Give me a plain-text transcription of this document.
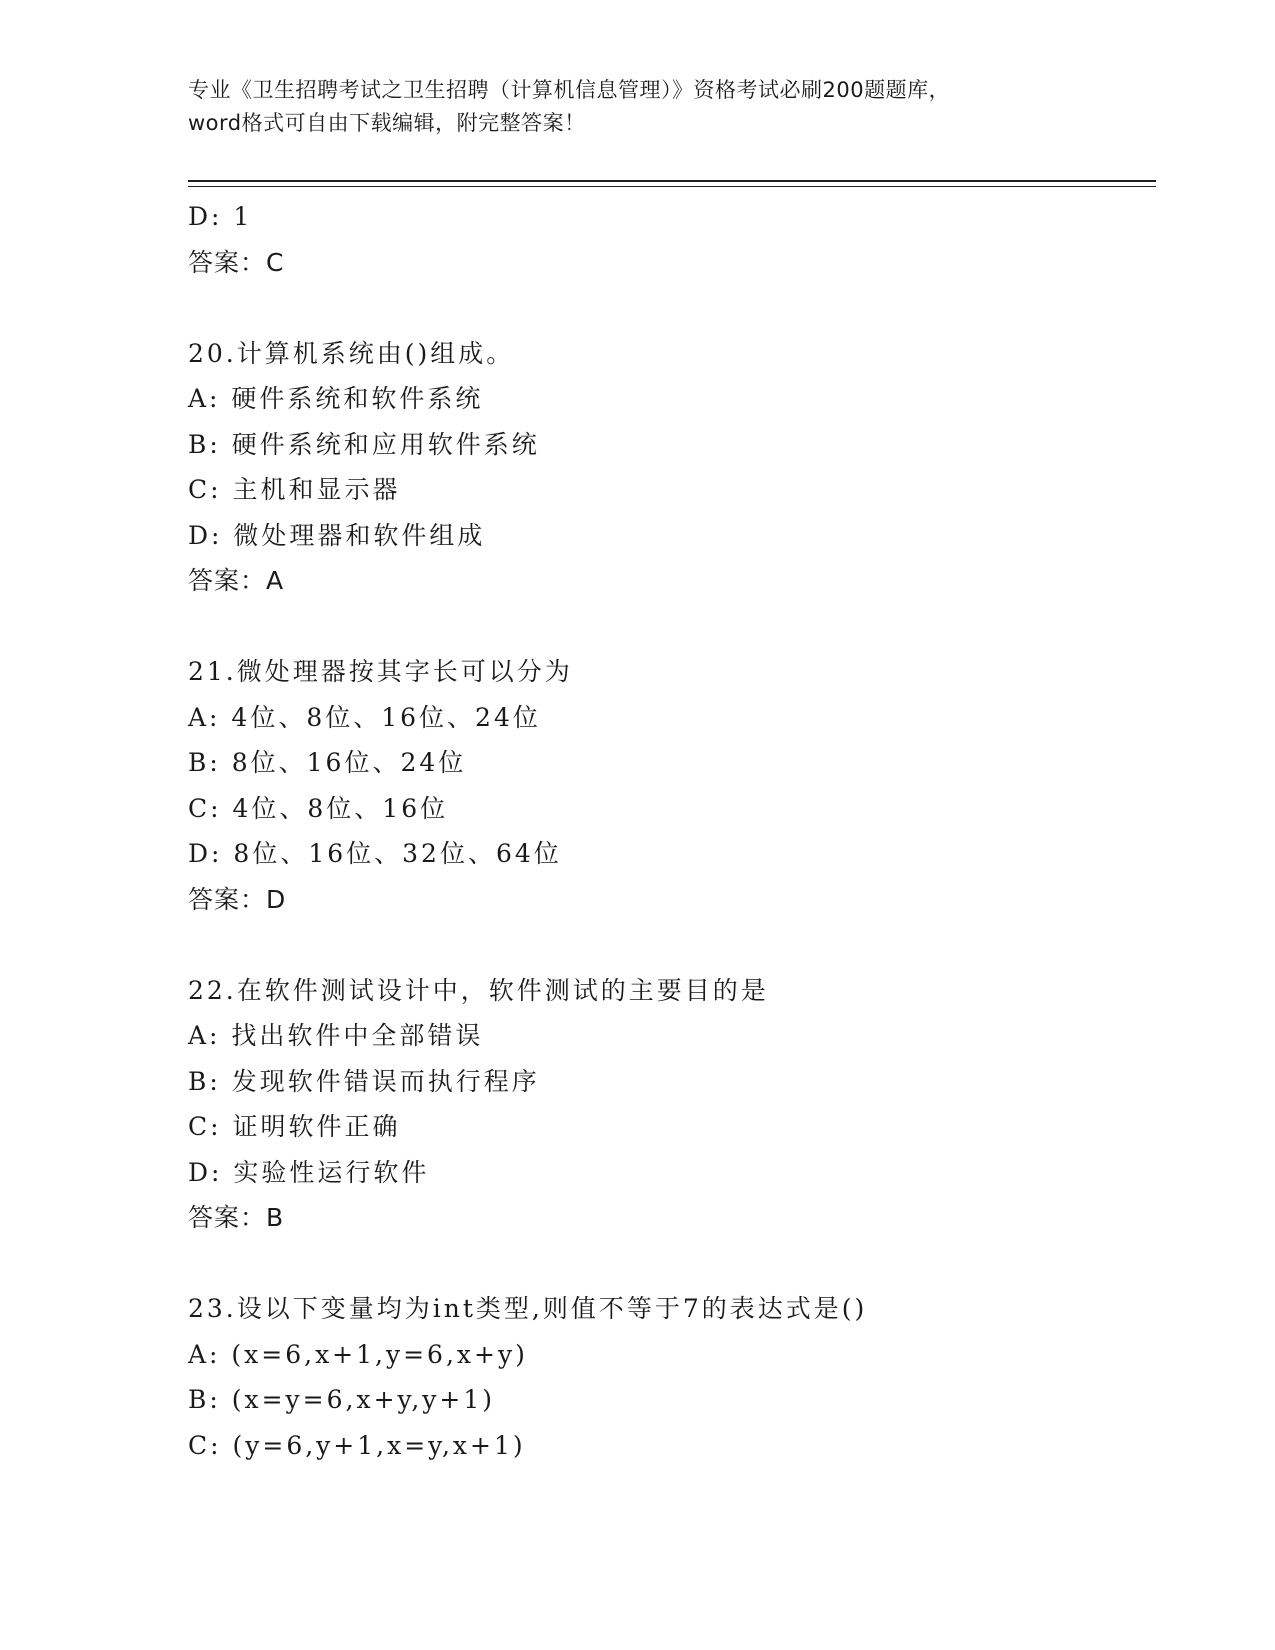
专业《卫生招聘考试之卫生招聘（计算机信息管理）》资格考试必刷200题题库，
word格式可自由下载编辑，附完整答案！
D: 1
答案：C
20.计算机系统由()组成。
A: 硬件系统和软件系统
B: 硬件系统和应用软件系统
C: 主机和显示器
D: 微处理器和软件组成
答案：A
21.微处理器按其字长可以分为
A: 4位、8位、16位、24位
B: 8位、16位、24位
C: 4位、8位、16位
D: 8位、16位、32位、64位
答案：D
22.在软件测试设计中，软件测试的主要目的是
A: 找出软件中全部错误
B: 发现软件错误而执行程序
C: 证明软件正确
D: 实验性运行软件
答案：B
23.设以下变量均为int类型,则值不等于7的表达式是()
A: (x=6,x+1,y=6,x+y)
B: (x=y=6,x+y,y+1)
C: (y=6,y+1,x=y,x+1)
